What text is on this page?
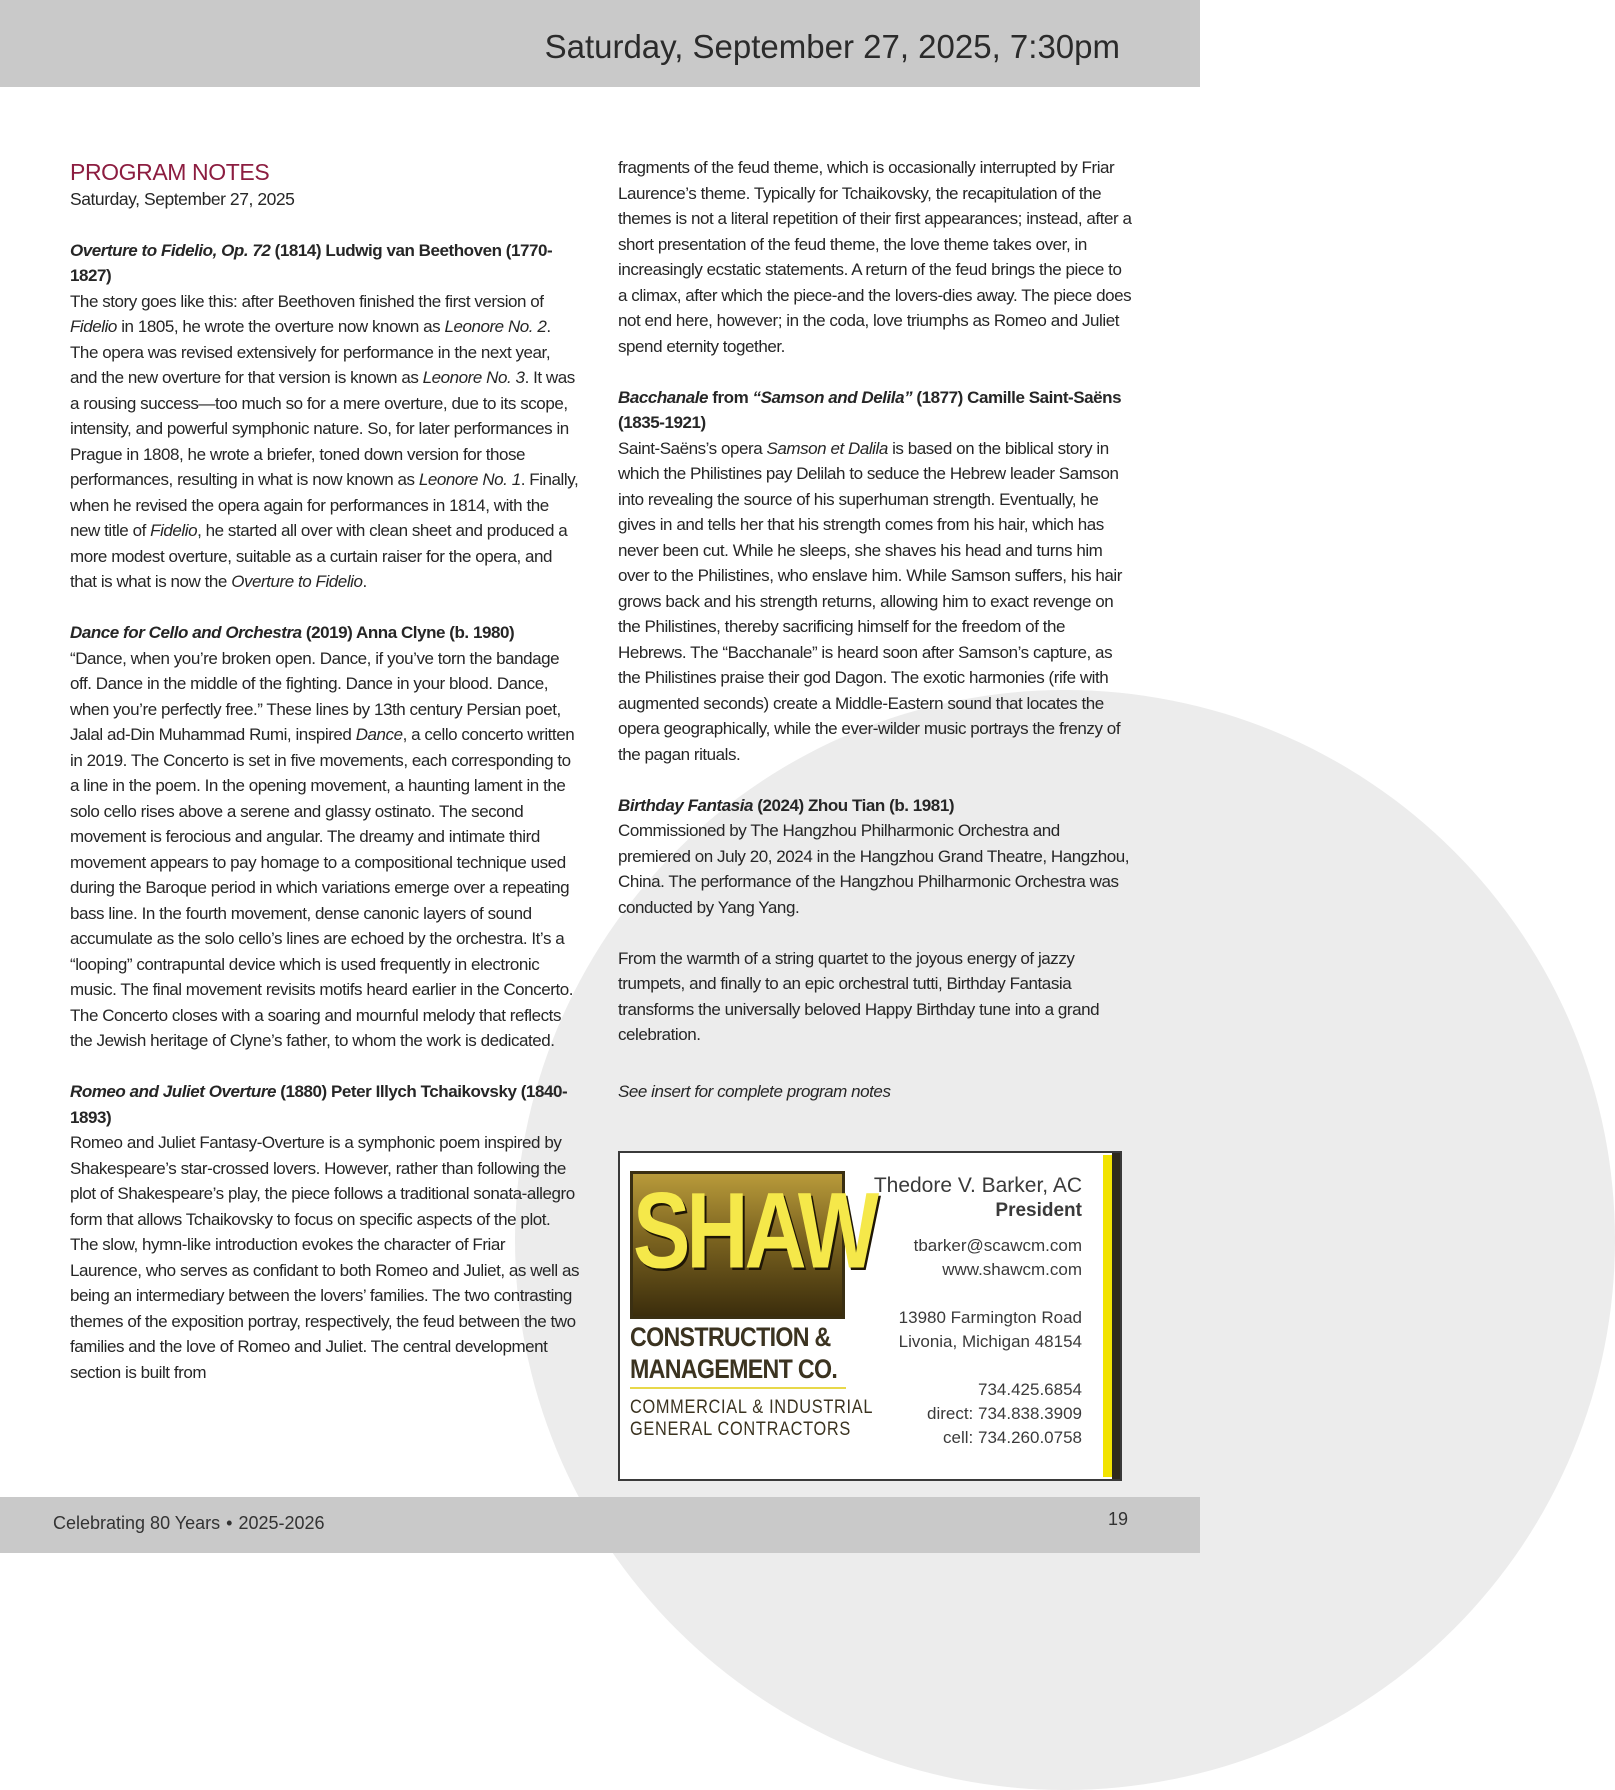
Saturday, September 27, 2025, 7:30pm

PROGRAM NOTES

Saturday, September 27, 2025

Overture to Fidelio, Op. 72 (1814) Ludwig van Beethoven (1770-1827)

The story goes like this: after Beethoven finished the first version of Fidelio in 1805, he wrote the overture now known as Leonore No. 2. The opera was revised extensively for performance in the next year, and the new overture for that version is known as Leonore No. 3. It was a rousing success—too much so for a mere overture, due to its scope, intensity, and powerful symphonic nature. So, for later performances in Prague in 1808, he wrote a briefer, toned down version for those performances, resulting in what is now known as Leonore No. 1. Finally, when he revised the opera again for performances in 1814, with the new title of Fidelio, he started all over with clean sheet and produced a more modest overture, suitable as a curtain raiser for the opera, and that is what is now the Overture to Fidelio.

Dance for Cello and Orchestra (2019) Anna Clyne (b. 1980)

“Dance, when you’re broken open. Dance, if you’ve torn the bandage off. Dance in the middle of the fighting. Dance in your blood. Dance, when you’re perfectly free.” These lines by 13th century Persian poet, Jalal ad-Din Muhammad Rumi, inspired Dance, a cello concerto written in 2019. The Concerto is set in five movements, each corresponding to a line in the poem. In the opening movement, a haunting lament in the solo cello rises above a serene and glassy ostinato. The second movement is ferocious and angular. The dreamy and intimate third movement appears to pay homage to a compositional technique used during the Baroque period in which variations emerge over a repeating bass line. In the fourth movement, dense canonic layers of sound accumulate as the solo cello’s lines are echoed by the orchestra. It’s a “looping” contrapuntal device which is used frequently in electronic music. The final movement revisits motifs heard earlier in the Concerto. The Concerto closes with a soaring and mournful melody that reflects the Jewish heritage of Clyne’s father, to whom the work is dedicated.

Romeo and Juliet Overture (1880) Peter Illych Tchaikovsky (1840-1893)

Romeo and Juliet Fantasy-Overture is a symphonic poem inspired by Shakespeare’s star-crossed lovers. However, rather than following the plot of Shakespeare’s play, the piece follows a traditional sonata-allegro form that allows Tchaikovsky to focus on specific aspects of the plot. The slow, hymn-like introduction evokes the character of Friar Laurence, who serves as confidant to both Romeo and Juliet, as well as being an intermediary between the lovers’ families. The two contrasting themes of the exposition portray, respectively, the feud between the two families and the love of Romeo and Juliet. The central development section is built from

fragments of the feud theme, which is occasionally interrupted by Friar Laurence’s theme. Typically for Tchaikovsky, the recapitulation of the themes is not a literal repetition of their first appearances; instead, after a short presentation of the feud theme, the love theme takes over, in increasingly ecstatic statements. A return of the feud brings the piece to a climax, after which the piece-and the lovers-dies away. The piece does not end here, however; in the coda, love triumphs as Romeo and Juliet spend eternity together.

Bacchanale from “Samson and Delila” (1877) Camille Saint-Saëns (1835-1921)

Saint-Saëns’s opera Samson et Dalila is based on the biblical story in which the Philistines pay Delilah to seduce the Hebrew leader Samson into revealing the source of his superhuman strength. Eventually, he gives in and tells her that his strength comes from his hair, which has never been cut. While he sleeps, she shaves his head and turns him over to the Philistines, who enslave him. While Samson suffers, his hair grows back and his strength returns, allowing him to exact revenge on the Philistines, thereby sacrificing himself for the freedom of the Hebrews. The “Bacchanale” is heard soon after Samson’s capture, as the Philistines praise their god Dagon. The exotic harmonies (rife with augmented seconds) create a Middle-Eastern sound that locates the opera geographically, while the ever-wilder music portrays the frenzy of the pagan rituals.

Birthday Fantasia (2024) Zhou Tian (b. 1981)

Commissioned by The Hangzhou Philharmonic Orchestra and premiered on July 20, 2024 in the Hangzhou Grand Theatre, Hangzhou, China. The performance of the Hangzhou Philharmonic Orchestra was conducted by Yang Yang.

From the warmth of a string quartet to the joyous energy of jazzy trumpets, and finally to an epic orchestral tutti, Birthday Fantasia transforms the universally beloved Happy Birthday tune into a grand celebration.

See insert for complete program notes

SHAW
CONSTRUCTION &
MANAGEMENT CO.
COMMERCIAL & INDUSTRIAL
GENERAL CONTRACTORS
Thedore V. Barker, AC
President
tbarker@scawcm.com
www.shawcm.com
13980 Farmington Road
Livonia, Michigan 48154
734.425.6854
direct: 734.838.3909
cell: 734.260.0758
Celebrating 80 Years • 2025-2026	19
